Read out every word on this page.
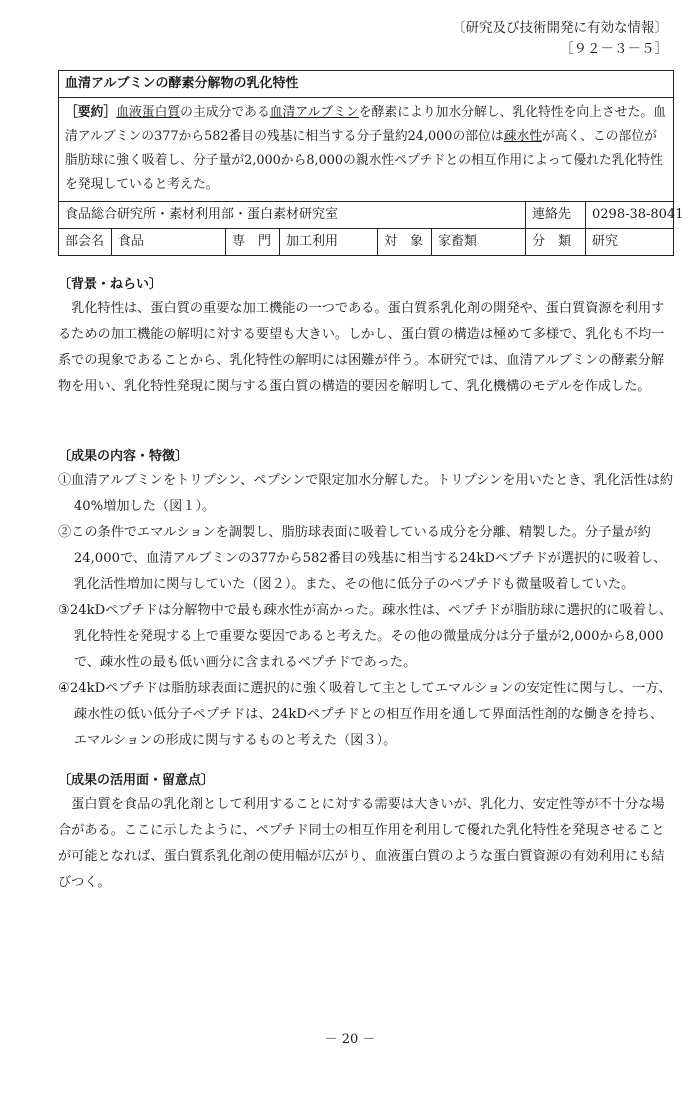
〔研究及び技術開発に有効な情報〕
［９２－３－５］
血清アルブミンの酵素分解物の乳化特性
［要約］血液蛋白質の主成分である血清アルブミンを酵素により加水分解し、乳化特性を向上させた。血清アルブミンの377から582番目の残基に相当する分子量約24,000の部位は疎水性が高く、この部位が脂肪球に強く吸着し、分子量が2,000から8,000の親水性ペプチドとの相互作用によって優れた乳化特性を発現していると考えた。
食品総合研究所・素材利用部・蛋白素材研究室	連絡先	0298-38-8041
部会名	食品	専　門	加工利用	対　象	家畜類	分　類	研究
〔背景・ねらい〕
乳化特性は、蛋白質の重要な加工機能の一つである。蛋白質系乳化剤の開発や、蛋白質資源を利用するための加工機能の解明に対する要望も大きい。しかし、蛋白質の構造は極めて多様で、乳化も不均一系での現象であることから、乳化特性の解明には困難が伴う。本研究では、血清アルブミンの酵素分解物を用い、乳化特性発現に関与する蛋白質の構造的要因を解明して、乳化機構のモデルを作成した。
〔成果の内容・特徴〕
①血清アルブミンをトリプシン、ペプシンで限定加水分解した。トリプシンを用いたとき、乳化活性は約40%増加した（図１）。
②この条件でエマルションを調製し、脂肪球表面に吸着している成分を分離、精製した。分子量が約24,000で、血清アルブミンの377から582番目の残基に相当する24kDペプチドが選択的に吸着し、乳化活性増加に関与していた（図２）。また、その他に低分子のペプチドも微量吸着していた。
③24kDペプチドは分解物中で最も疎水性が高かった。疎水性は、ペプチドが脂肪球に選択的に吸着し、乳化特性を発現する上で重要な要因であると考えた。その他の微量成分は分子量が2,000から8,000で、疎水性の最も低い画分に含まれるペプチドであった。
④24kDペプチドは脂肪球表面に選択的に強く吸着して主としてエマルションの安定性に関与し、一方、疎水性の低い低分子ペプチドは、24kDペプチドとの相互作用を通して界面活性剤的な働きを持ち、エマルションの形成に関与するものと考えた（図３）。
〔成果の活用面・留意点〕
蛋白質を食品の乳化剤として利用することに対する需要は大きいが、乳化力、安定性等が不十分な場合がある。ここに示したように、ペプチド同士の相互作用を利用して優れた乳化特性を発現させることが可能となれば、蛋白質系乳化剤の使用幅が広がり、血液蛋白質のような蛋白質資源の有効利用にも結びつく。
－ 20 －
